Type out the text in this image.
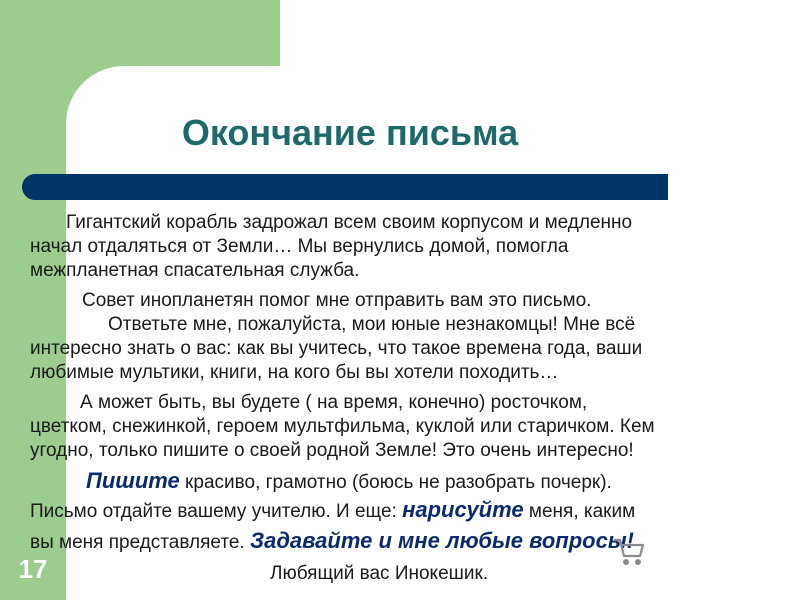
Окончание письма
Гигантский корабль задрожал всем своим корпусом и медленно
начал отдаляться от Земли… Мы вернулись домой, помогла
межпланетная спасательная служба.
Совет инопланетян помог мне отправить вам это письмо.
Ответьте мне, пожалуйста, мои юные незнакомцы! Мне всё
интересно знать о вас: как вы учитесь, что такое времена года, ваши
любимые мультики, книги, на кого бы вы хотели походить…
А может быть, вы будете ( на время, конечно) росточком,
цветком, снежинкой, героем мультфильма, куклой или старичком. Кем
угодно, только пишите о своей родной Земле! Это очень интересно!
Пишите красиво, грамотно (боюсь не разобрать почерк).
Письмо отдайте вашему учителю. И еще: нарисуйте меня, каким
вы меня представляете. Задавайте и мне любые вопросы!
Любящий вас Инокешик.
17
